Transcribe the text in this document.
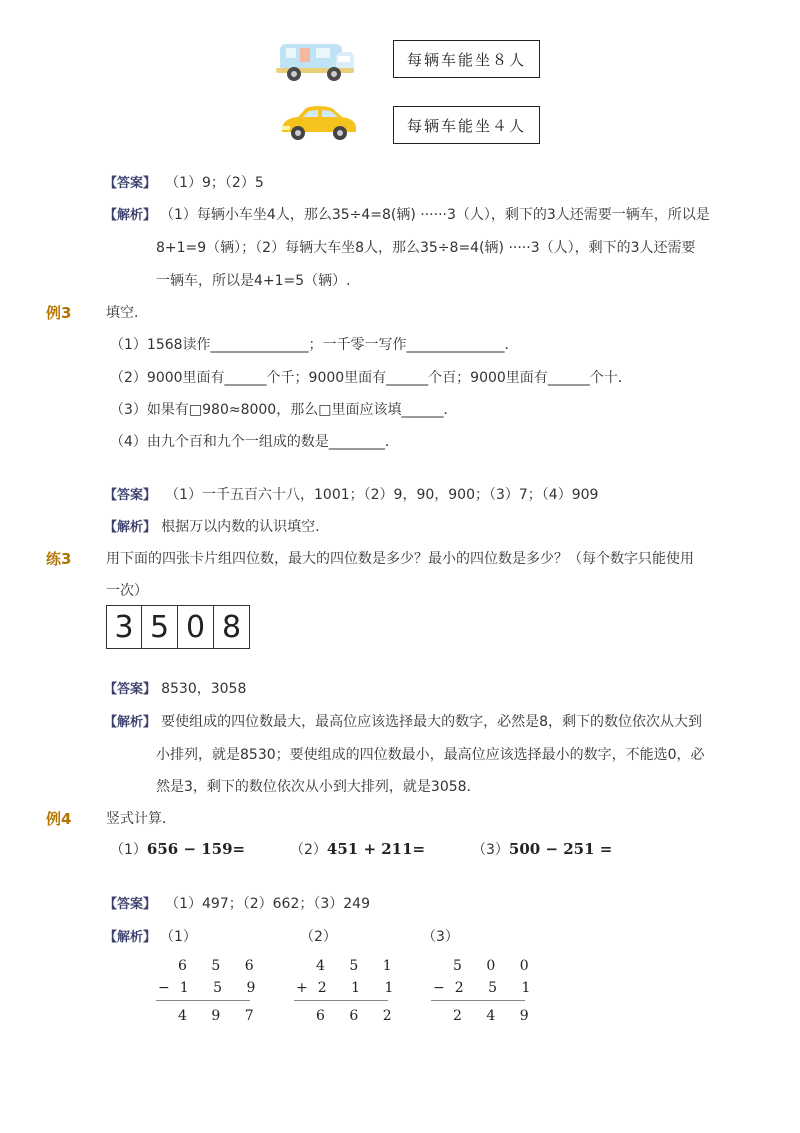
每辆车能坐８人
每辆车能坐４人
【答案】 （1）9；（2）5
【解析】 （1）每辆小车坐4人，那么35÷4=8(辆) ······3（人），剩下的3人还需要一辆车，所以是
8+1=9（辆）；（2）每辆大车坐8人，那么35÷8=4(辆) ·····3（人），剩下的3人还需要
一辆车，所以是4+1=5（辆）.
例3 填空．
（1）1568读作______________；一千零一写作______________．
（2）9000里面有______个千；9000里面有______个百；9000里面有______个十．
（3）如果有□980≈8000，那么□里面应该填______．
（4）由九个百和九个一组成的数是________．
【答案】 （1）一千五百六十八，1001；（2）9，90，900；（3）7；（4）909
【解析】 根据万以内数的认识填空.
练3 用下面的四张卡片组四位数，最大的四位数是多少？最小的四位数是多少？（每个数字只能使用
一次）
3 5 0 8
【答案】 8530，3058
【解析】 要使组成的四位数最大，最高位应该选择最大的数字，必然是8，剩下的数位依次从大到
小排列，就是8530；要使组成的四位数最小，最高位应该选择最小的数字，不能选0，必
然是3，剩下的数位依次从小到大排列，就是3058．
例4 竖式计算．
（1）656 − 159=	（2）451 + 211=	（3）500 − 251 =
【答案】 （1）497；（2）662；（3）249
【解析】 （1）
6 5 6
−1 5 9
4 9 7
（2）
4 5 1
+2 1 1
6 6 2
（3）
5 0 0
−2 5 1
2 4 9
